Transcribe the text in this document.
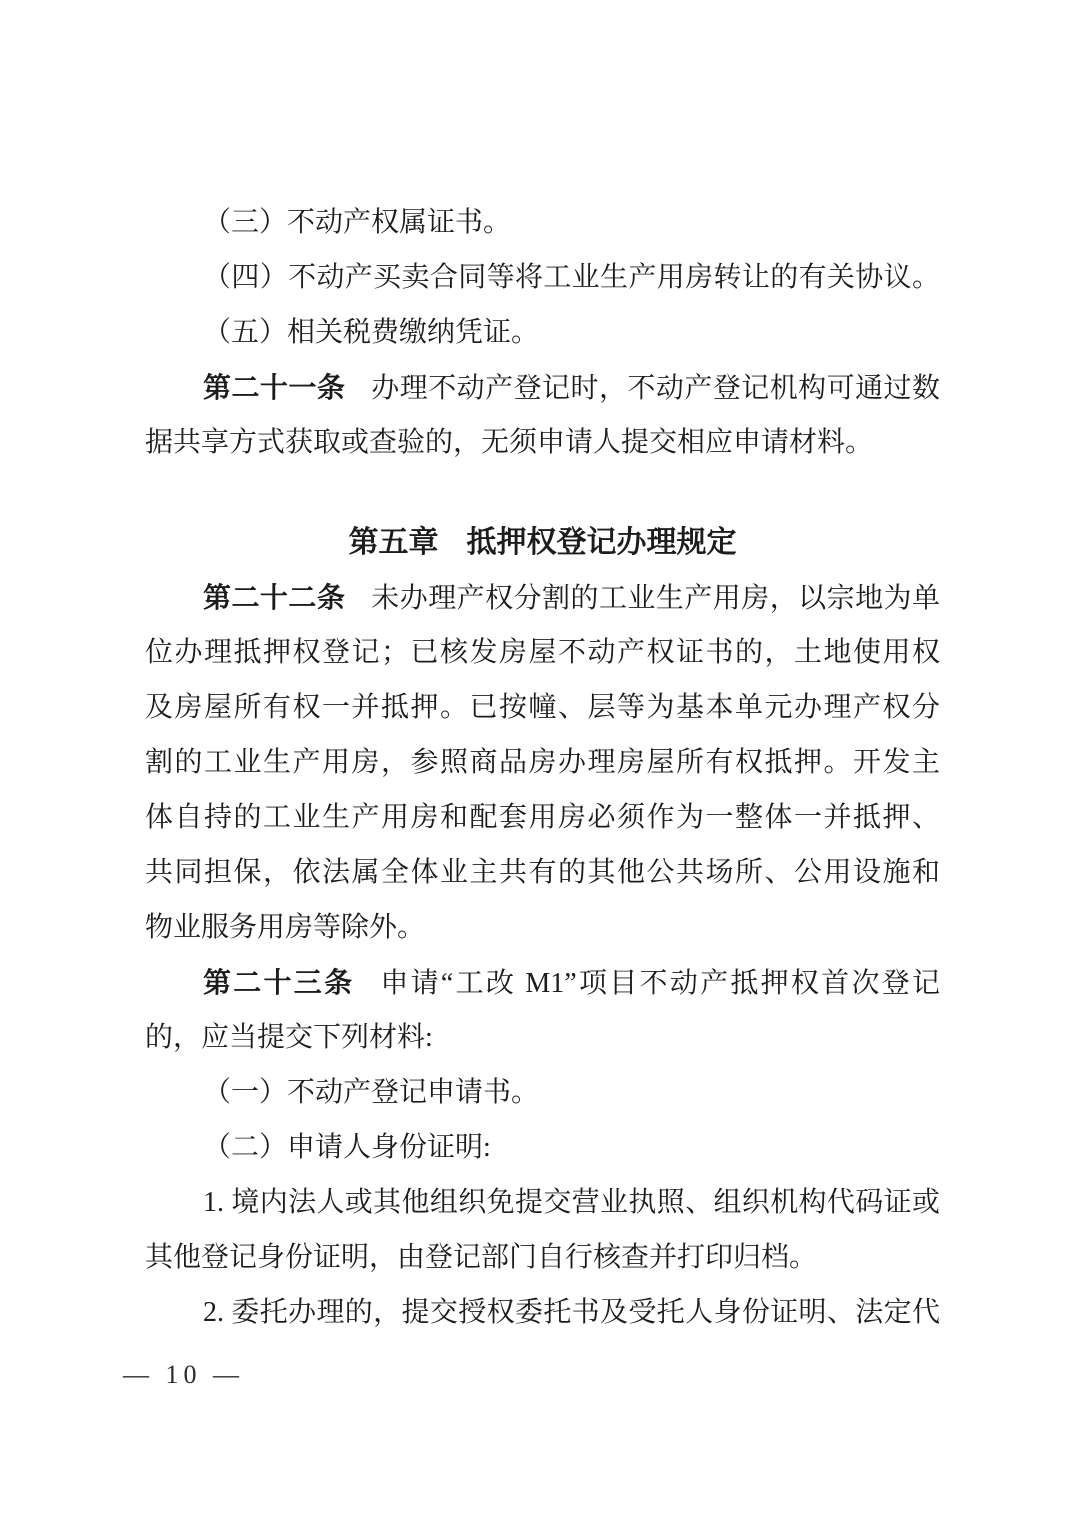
（三）不动产权属证书。
（四）不动产买卖合同等将工业生产用房转让的有关协议。
（五）相关税费缴纳凭证。
第二十一条 办理不动产登记时，不动产登记机构可通过数
据共享方式获取或查验的，无须申请人提交相应申请材料。
第五章 抵押权登记办理规定
第二十二条 未办理产权分割的工业生产用房，以宗地为单
位办理抵押权登记；已核发房屋不动产权证书的，土地使用权
及房屋所有权一并抵押。已按幢、层等为基本单元办理产权分
割的工业生产用房，参照商品房办理房屋所有权抵押。开发主
体自持的工业生产用房和配套用房必须作为一整体一并抵押、
共同担保，依法属全体业主共有的其他公共场所、公用设施和
物业服务用房等除外。
第二十三条 申请“工改 M1”项目不动产抵押权首次登记
的，应当提交下列材料:
（一）不动产登记申请书。
（二）申请人身份证明:
1. 境内法人或其他组织免提交营业执照、组织机构代码证或
其他登记身份证明，由登记部门自行核查并打印归档。
2. 委托办理的，提交授权委托书及受托人身份证明、法定代
— 10 —
